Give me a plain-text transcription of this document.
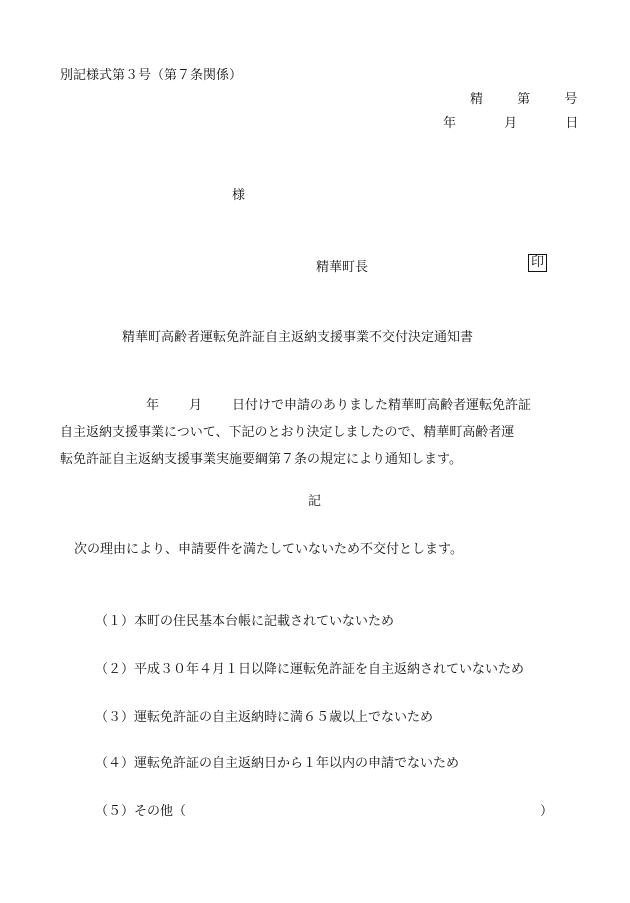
別記様式第３号（第７条関係）
精	第	号
年	月	日
様
精華町長	印
精華町高齢者運転免許証自主返納支援事業不交付決定通知書
年 月 日付けで申請のありました精華町高齢者運転免許証
自主返納支援事業について、下記のとおり決定しましたので、精華町高齢者運
転免許証自主返納支援事業実施要綱第７条の規定により通知します。
記
次の理由により、申請要件を満たしていないため不交付とします。
（１）本町の住民基本台帳に記載されていないため
（２）平成３０年４月１日以降に運転免許証を自主返納されていないため
（３）運転免許証の自主返納時に満６５歳以上でないため
（４）運転免許証の自主返納日から１年以内の申請でないため
（５）その他（	）
